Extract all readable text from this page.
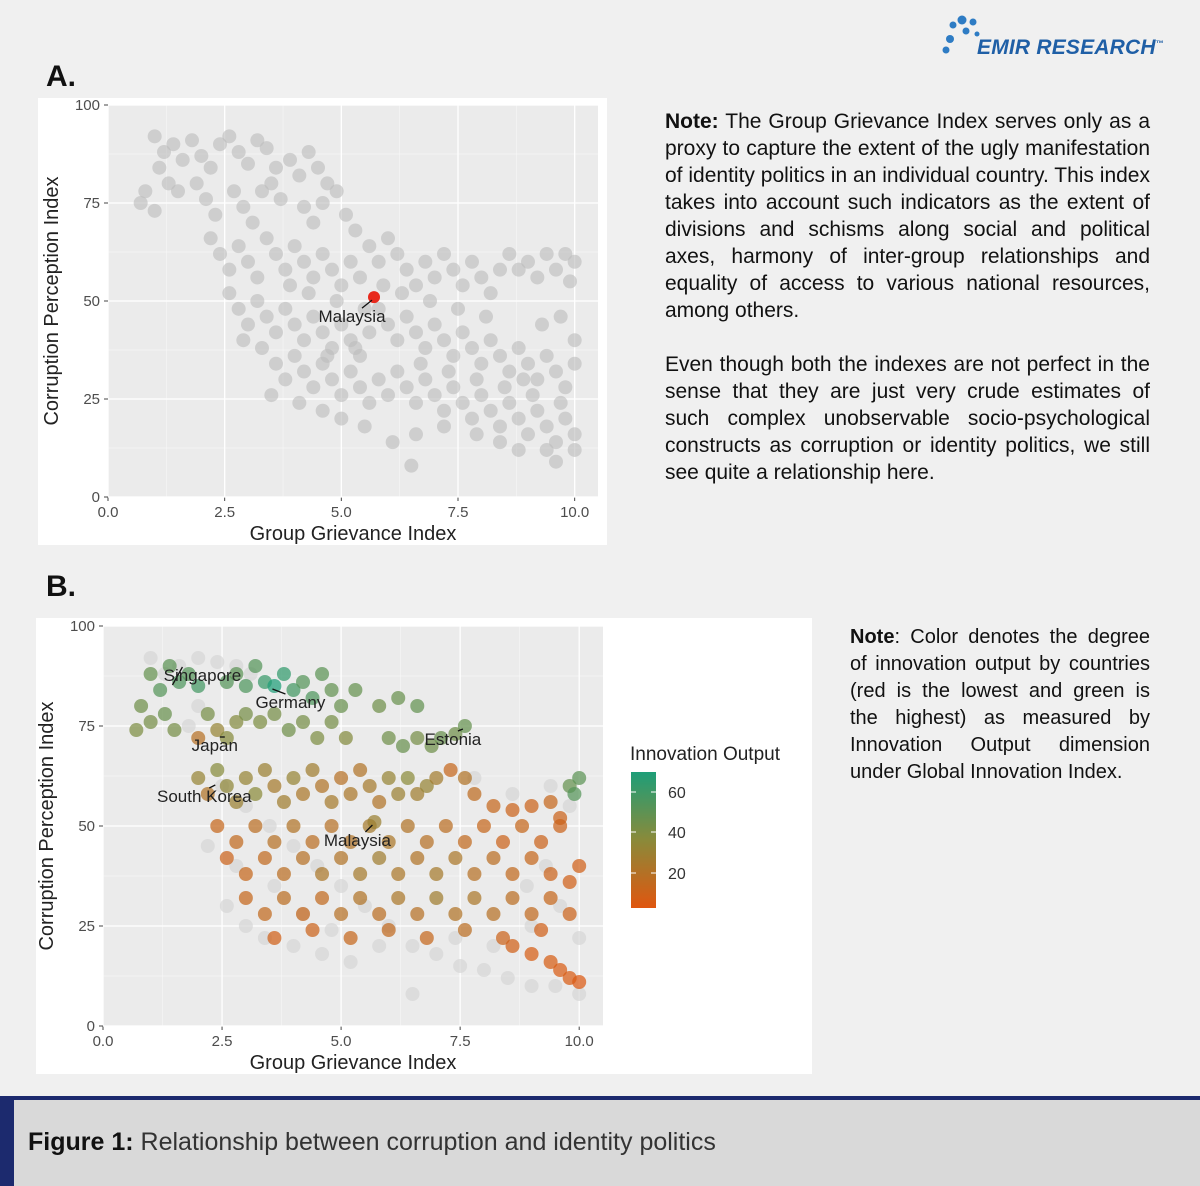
EMIR RESEARCH™
A.
0.0	2.5	5.0	7.5	10.0
0
25
50
75
100
Group Grievance Index
Corruption Perception Index	Malaysia

Note: The Group Grievance Index serves only as a proxy to capture the extent of the ugly manifestation of identity politics in an individual country. This index takes into account such indicators as the extent of divisions and schisms along social and political axes, harmony of inter-group relationships and equality of access to various national resources, among others.

Even though both the indexes are not perfect in the sense that they are just very crude estimates of such complex unobservable socio-psychological constructs as corruption or identity politics, we still see quite a relationship here.

B.
0.0	2.5	5.0	7.5	10.0
0
25
50
75
100
Group Grievance Index
Corruption Perception Index
Singapore
Germany
Estonia
Japan
South Korea
Malaysia
Innovation Output
60
40
20

Note: Color denotes the degree of innovation output by countries (red is the lowest and green is the highest) as measured by Innovation Output dimension under Global Innovation Index.

Figure 1: Relationship between corruption and identity politics
